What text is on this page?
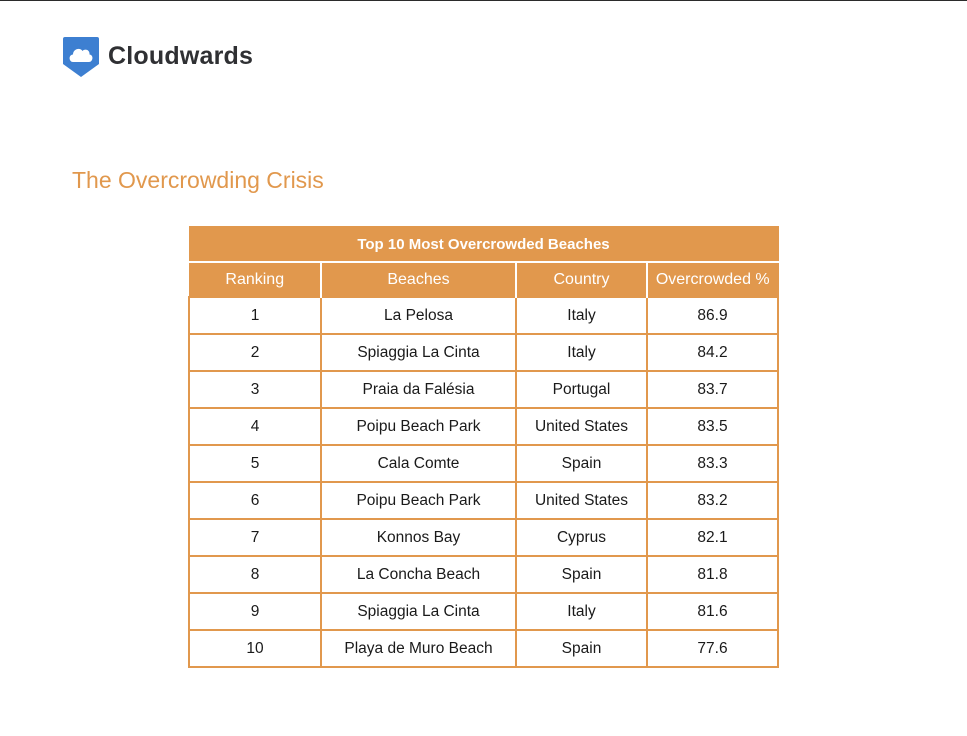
Cloudwards
The Overcrowding Crisis
Top 10 Most Overcrowded Beaches			
Ranking	Beaches	Country	Overcrowded %
1	La Pelosa	Italy	86.9
2	Spiaggia La Cinta	Italy	84.2
3	Praia da Falésia	Portugal	83.7
4	Poipu Beach Park	United States	83.5
5	Cala Comte	Spain	83.3
6	Poipu Beach Park	United States	83.2
7	Konnos Bay	Cyprus	82.1
8	La Concha Beach	Spain	81.8
9	Spiaggia La Cinta	Italy	81.6
10	Playa de Muro Beach	Spain	77.6
